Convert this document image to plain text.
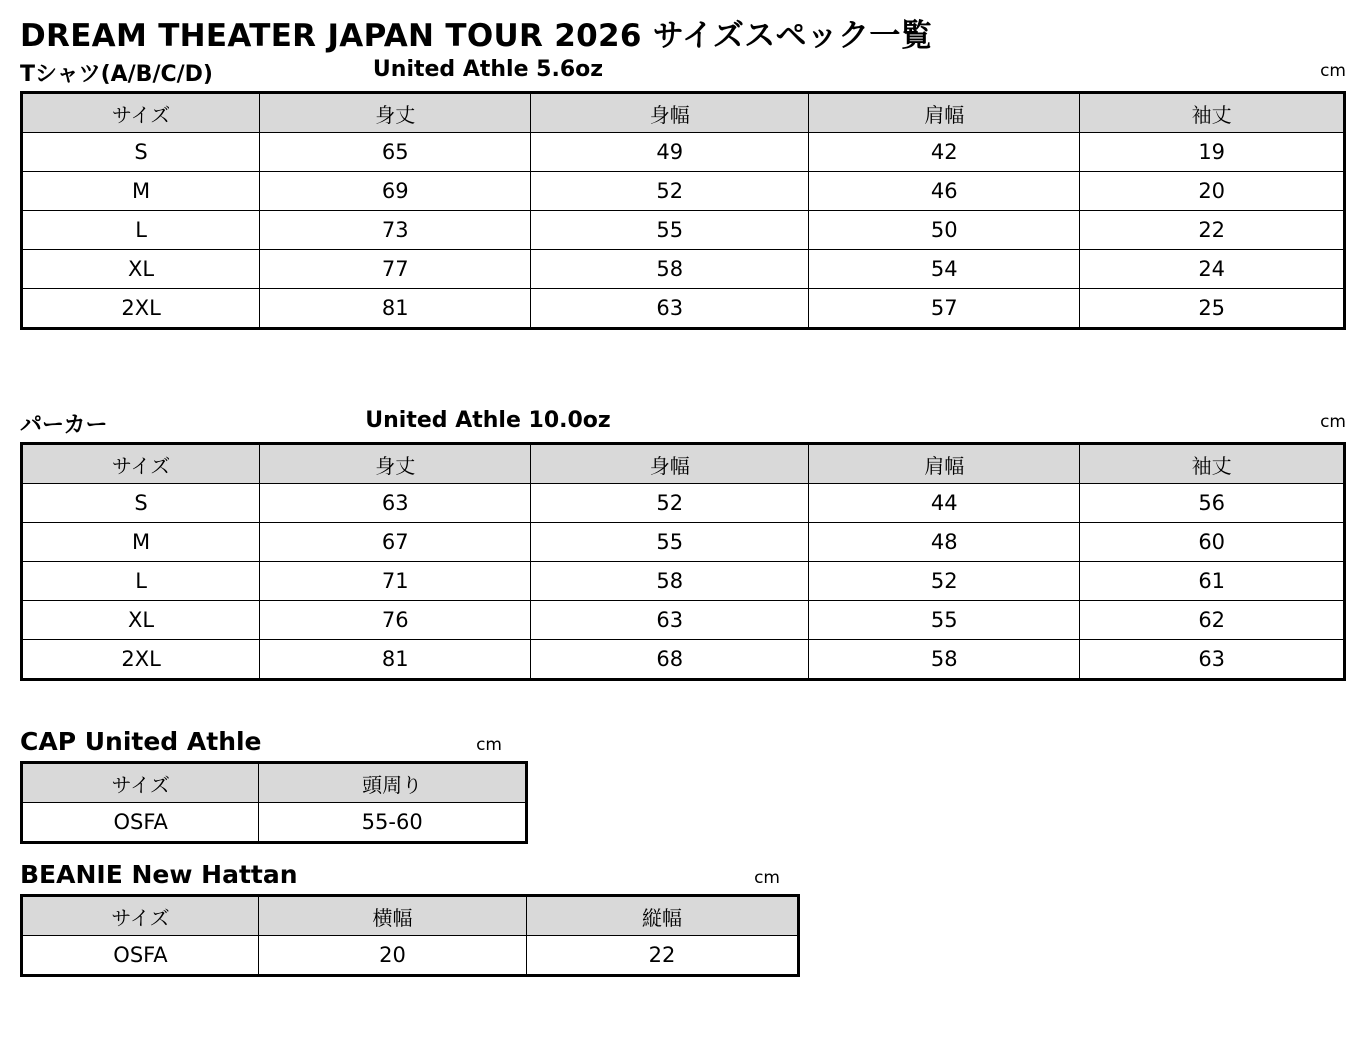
DREAM THEATER JAPAN TOUR 2026 サイズスペック一覧
Tシャツ(A/B/C/D)	United Athle 5.6oz	cm
サイズ	身丈	身幅	肩幅	袖丈
S	65	49	42	19
M	69	52	46	20
L	73	55	50	22
XL	77	58	54	24
2XL	81	63	57	25
パーカー	United Athle 10.0oz	cm
サイズ	身丈	身幅	肩幅	袖丈
S	63	52	44	56
M	67	55	48	60
L	71	58	52	61
XL	76	63	55	62
2XL	81	68	58	63
CAP United Athle	cm
サイズ	頭周り
OSFA	55-60
BEANIE New Hattan	cm
サイズ	横幅	縦幅
OSFA	20	22
